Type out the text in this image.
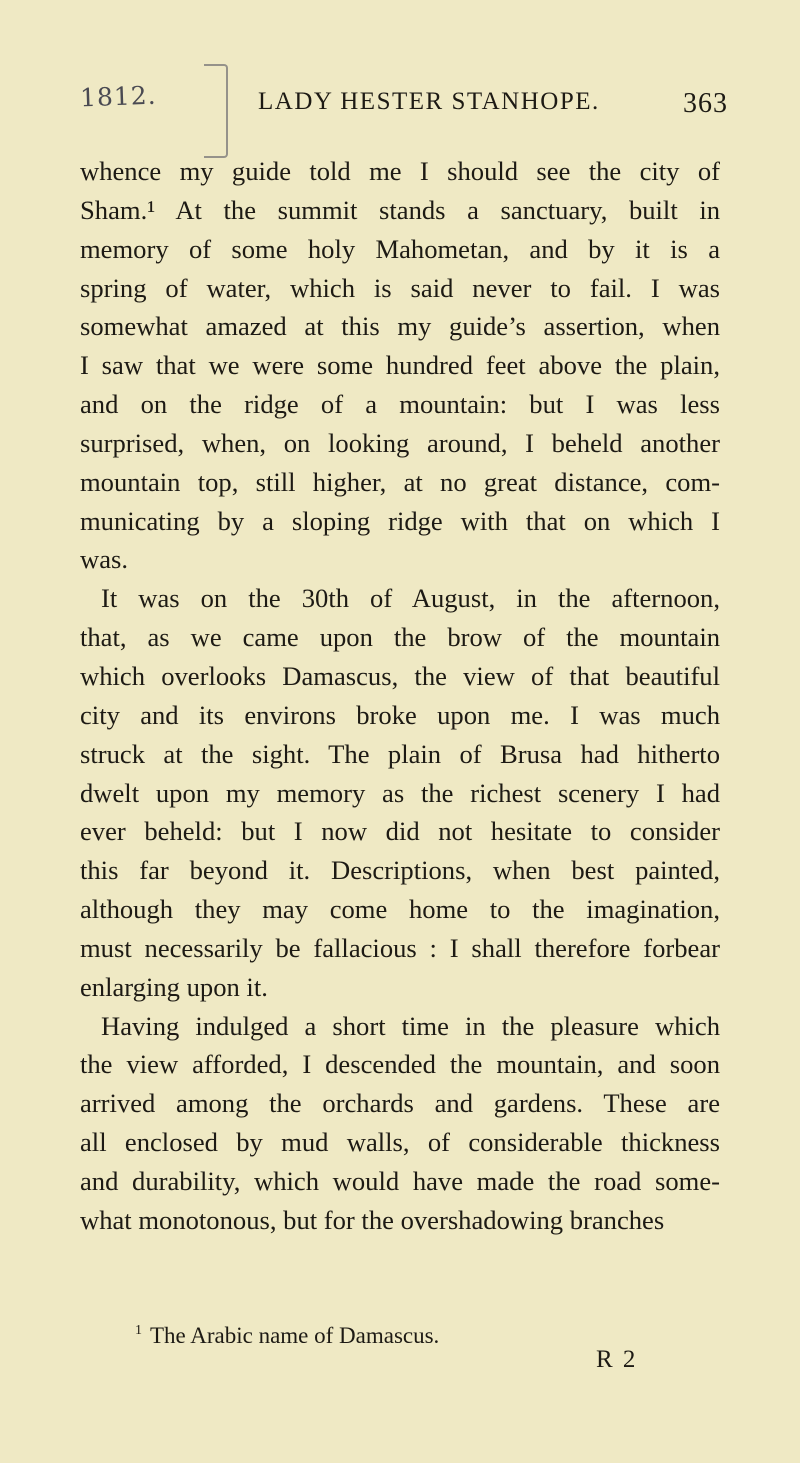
1812.	LADY HESTER STANHOPE.	363
whence my guide told me I should see the city of
Sham.¹ At the summit stands a sanctuary, built in
memory of some holy Mahometan, and by it is a
spring of water, which is said never to fail. I was
somewhat amazed at this my guide’s assertion, when
I saw that we were some hundred feet above the plain,
and on the ridge of a mountain: but I was less
surprised, when, on looking around, I beheld another
mountain top, still higher, at no great distance, com-
municating by a sloping ridge with that on which I
was.
It was on the 30th of August, in the afternoon,
that, as we came upon the brow of the mountain
which overlooks Damascus, the view of that beautiful
city and its environs broke upon me. I was much
struck at the sight. The plain of Brusa had hitherto
dwelt upon my memory as the richest scenery I had
ever beheld: but I now did not hesitate to consider
this far beyond it. Descriptions, when best painted,
although they may come home to the imagination,
must necessarily be fallacious : I shall therefore forbear
enlarging upon it.
Having indulged a short time in the pleasure which
the view afforded, I descended the mountain, and soon
arrived among the orchards and gardens. These are
all enclosed by mud walls, of considerable thickness
and durability, which would have made the road some-
what monotonous, but for the overshadowing branches
$^1$ The Arabic name of Damascus.
R 2
